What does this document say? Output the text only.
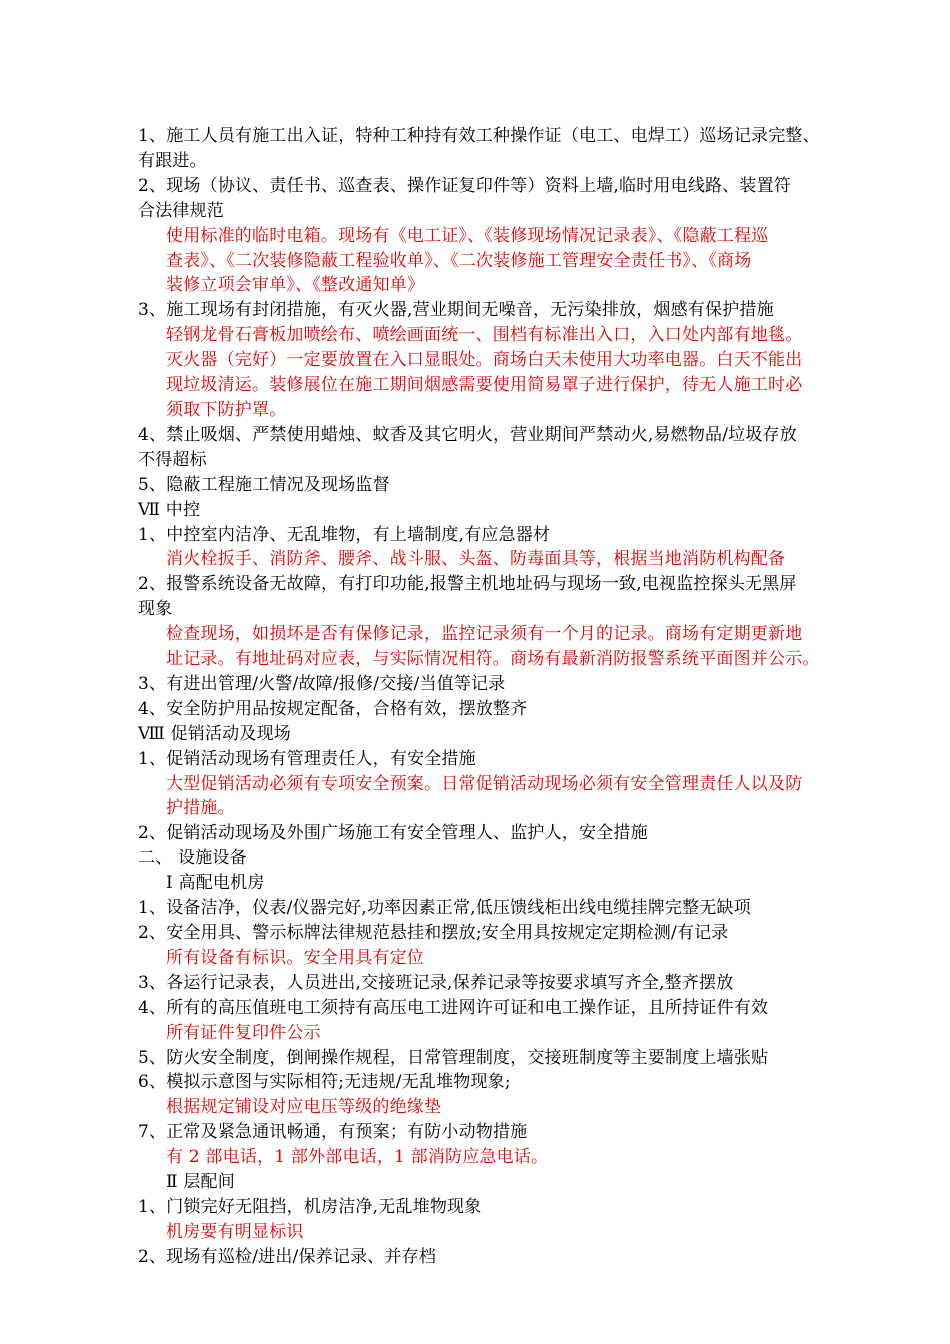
1、施工人员有施工出入证，特种工种持有效工种操作证（电工、电焊工）巡场记录完整、
有跟进。
2、现场（协议、责任书、巡查表、操作证复印件等）资料上墙,临时用电线路、装置符
合法律规范
使用标准的临时电箱。现场有《电工证》、《装修现场情况记录表》、《隐蔽工程巡
查表》、《二次装修隐蔽工程验收单》、《二次装修施工管理安全责任书》、《商场
装修立项会审单》、《整改通知单》
3、施工现场有封闭措施，有灭火器,营业期间无噪音，无污染排放，烟感有保护措施
轻钢龙骨石膏板加喷绘布、喷绘画面统一、围档有标准出入口，入口处内部有地毯。
灭火器（完好）一定要放置在入口显眼处。商场白天未使用大功率电器。白天不能出
现垃圾清运。装修展位在施工期间烟感需要使用简易罩子进行保护，待无人施工时必
须取下防护罩。
4、禁止吸烟、严禁使用蜡烛、蚊香及其它明火，营业期间严禁动火,易燃物品/垃圾存放
不得超标
5、隐蔽工程施工情况及现场监督
Ⅶ 中控
1、中控室内洁净、无乱堆物，有上墙制度,有应急器材
消火栓扳手、消防斧、腰斧、战斗服、头盔、防毒面具等，根据当地消防机构配备
2、报警系统设备无故障，有打印功能,报警主机地址码与现场一致,电视监控探头无黑屏
现象
检查现场，如损坏是否有保修记录，监控记录须有一个月的记录。商场有定期更新地
址记录。有地址码对应表，与实际情况相符。商场有最新消防报警系统平面图并公示。
3、有进出管理/火警/故障/报修/交接/当值等记录
4、安全防护用品按规定配备，合格有效，摆放整齐
Ⅷ 促销活动及现场
1、促销活动现场有管理责任人，有安全措施
大型促销活动必须有专项安全预案。日常促销活动现场必须有安全管理责任人以及防
护措施。
2、促销活动现场及外围广场施工有安全管理人、监护人，安全措施
二、 设施设备
Ⅰ 高配电机房
1、设备洁净，仪表/仪器完好,功率因素正常,低压馈线柜出线电缆挂牌完整无缺项
2、安全用具、警示标牌法律规范悬挂和摆放;安全用具按规定定期检测/有记录
所有设备有标识。安全用具有定位
3、各运行记录表，人员进出,交接班记录,保养记录等按要求填写齐全,整齐摆放
4、所有的高压值班电工须持有高压电工进网许可证和电工操作证，且所持证件有效
所有证件复印件公示
5、防火安全制度，倒闸操作规程，日常管理制度，交接班制度等主要制度上墙张贴
6、模拟示意图与实际相符;无违规/无乱堆物现象;
根据规定铺设对应电压等级的绝缘垫
7、正常及紧急通讯畅通，有预案；有防小动物措施
有 2 部电话，1 部外部电话，1 部消防应急电话。
Ⅱ 层配间
1、门锁完好无阻挡，机房洁净,无乱堆物现象
机房要有明显标识
2、现场有巡检/进出/保养记录、并存档
